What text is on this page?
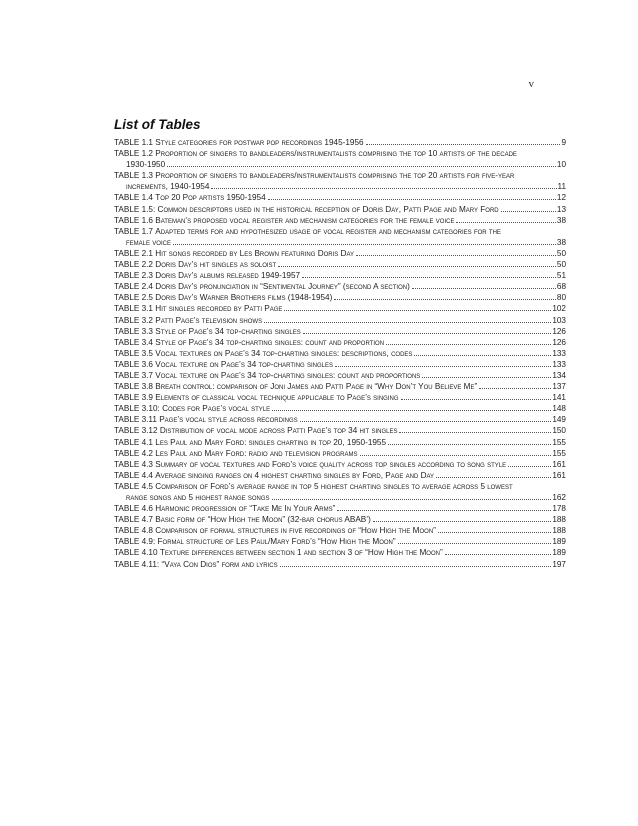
v
List of Tables
TABLE 1.1
Style categories for postwar pop recordings 1945-1956	9
TABLE 1.2 Proportion of singers to bandleaders/instrumentalists comprising the top 10 artists of the decade
1930-1950	10
TABLE 1.3 Proportion of singers to bandleaders/instrumentalists comprising the top 20 artists for five-year
increments, 1940-1954	11
TABLE 1.4
Top 20 Pop artists 1950-1954	12
TABLE 1.5:
Common descriptors used in the historical reception of Doris Day, Patti Page and Mary Ford	13
TABLE 1.6
Bateman’s proposed vocal register and mechanism categories for the female voice	38
TABLE 1.7 Adapted terms for and hypothesized usage of vocal register and mechanism categories for the
female voice	38
TABLE 2.1
Hit songs recorded by Les Brown featuring Doris Day	50
TABLE 2.2
Doris Day’s hit singles as soloist	50
TABLE 2.3
Doris Day’s albums released 1949-1957	51
TABLE 2.4
Doris Day’s pronunciation in “Sentimental Journey” (second A section)	68
TABLE 2.5
Doris Day’s Warner Brothers films (1948-1954)	80
TABLE 3.1
Hit singles recorded by Patti Page	102
TABLE 3.2
Patti Page’s television shows	103
TABLE 3.3
Style of Page’s 34 top-charting singles	126
TABLE 3.4
Style of Page’s 34 top-charting singles: count and proportion	126
TABLE 3.5
Vocal textures on Page’s 34 top-charting singles: descriptions, codes	133
TABLE 3.6
Vocal texture on Page’s 34 top-charting singles	133
TABLE 3.7
Vocal texture on Page’s 34 top-charting singles: count and proportions	134
TABLE 3.8
Breath control: comparison of Joni James and Patti Page in “Why Don’t You Believe Me”	137
TABLE 3.9
Elements of classical vocal technique applicable to Page’s singing	141
TABLE 3.10:
Codes for Page’s vocal style	148
TABLE 3.11
Page’s vocal style across recordings	149
TABLE 3.12
Distribution of vocal mode across Patti Page’s top 34 hit singles	150
TABLE 4.1
Les Paul and Mary Ford: singles charting in top 20, 1950-1955	155
TABLE 4.2
Les Paul and Mary Ford: radio and television programs	155
TABLE 4.3
Summary of vocal textures and Ford’s voice quality across top singles according to song style	161
TABLE 4.4
Average singing ranges on 4 highest charting singles by Ford, Page and Day	161
TABLE 4.5 Comparison of Ford’s average range in top 5 highest charting singles to average across 5 lowest
range songs and 5 highest range songs	162
TABLE 4.6
Harmonic progression of “Take Me In Your Arms”	178
TABLE 4.7
Basic form of “How High the Moon” (32-bar chorus ABAB’)	188
TABLE 4.8
Comparison of formal structures in five recordings of “How High the Moon”	188
TABLE 4.9:
Formal structure of Les Paul/Mary Ford’s “How High the Moon”	189
TABLE 4.10
Texture differences between section 1 and section 3 of “How High the Moon”	189
TABLE 4.11:
“Vaya Con Dios” form and lyrics	197
